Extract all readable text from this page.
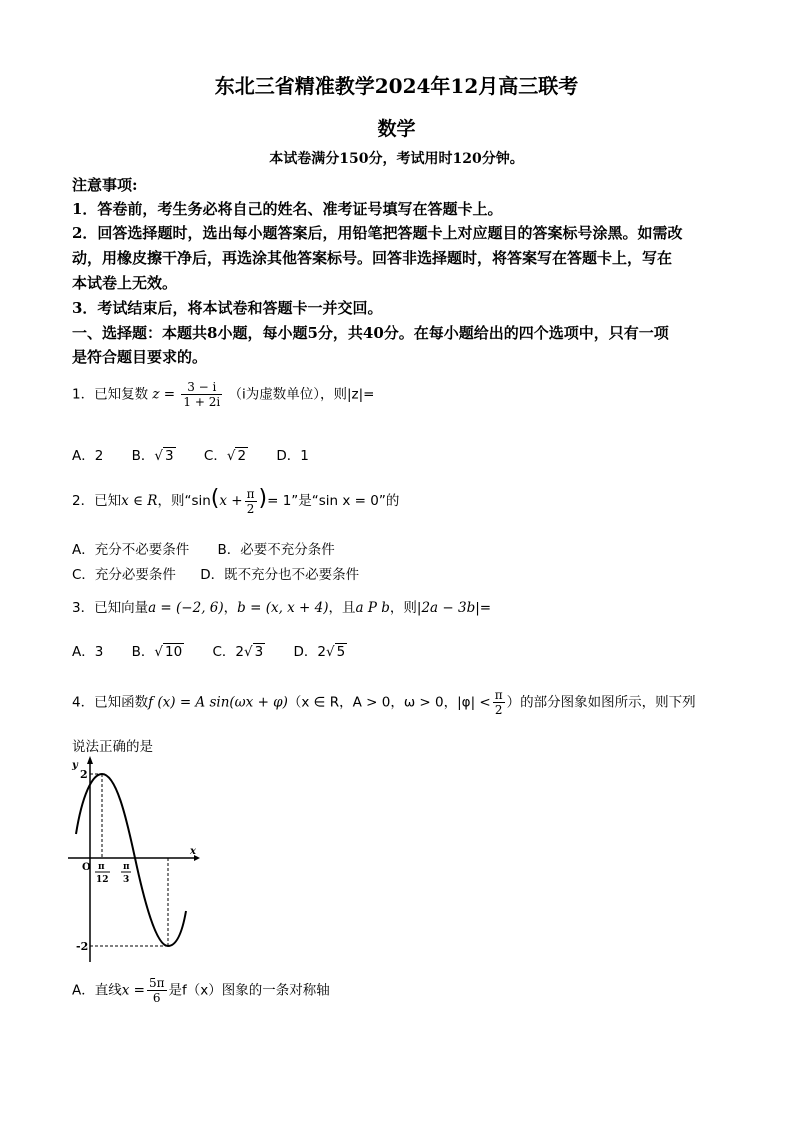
东北三省精准教学2024年12月高三联考
数学
本试卷满分150分，考试用时120分钟。
注意事项:
1．答卷前，考生务必将自己的姓名、准考证号填写在答题卡上。
2．回答选择题时，选出每小题答案后，用铅笔把答题卡上对应题目的答案标号涂黑。如需改
动，用橡皮擦干净后，再选涂其他答案标号。回答非选择题时，将答案写在答题卡上，写在
本试卷上无效。
3．考试结束后，将本试卷和答题卡一并交回。
一、选择题：本题共8小题，每小题5分，共40分。在每小题给出的四个选项中，只有一项
是符合题目要求的。
1．已知复数 $z = \frac{3 - i}{1 + 2i} (i$为虚数单位），则|z|=
A．2 B．√ 3 C．√ 2 D．1
2．已知x ∈ R，则“$\sin(x + \frac{\pi}{2}$ )= 1”是“sin x = 0”的
A．充分不必要条件 B．必要不充分条件
C．充分必要条件 D．既不充分也不必要条件
3．已知向量a = (−2, 6)，b = (x, x + 4)，且a P b，则|2a − 3b|=
A．3 B．√ 10 C．2√ 3 D．2√ 5
4．已知函数f (x) = A sin(ωx + φ)（x ∈ R，A > 0，ω > 0，$|\varphi| < \frac{\pi}{2}$ ）的部分图象如图所示，则下列
说法正确的是
y
x
2
-2
O π
12
π
3
A．直线$x = \frac{5\pi}{6}$ 是f（x）图象的一条对称轴
